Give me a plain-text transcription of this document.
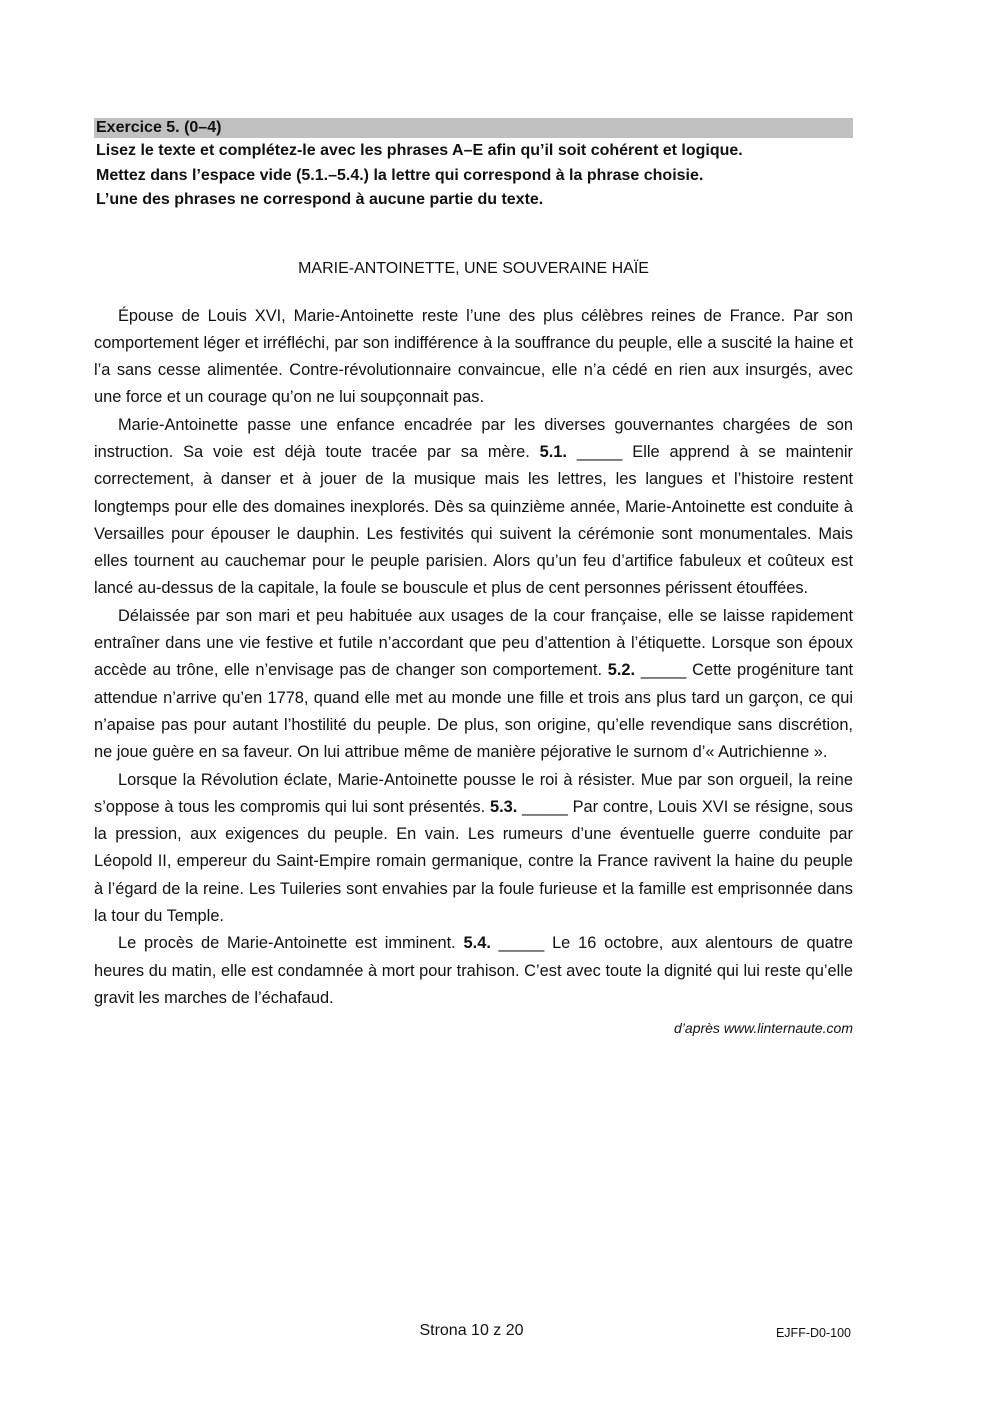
Exercice 5. (0–4)
Lisez le texte et complétez-le avec les phrases A–E afin qu’il soit cohérent et logique.
Mettez dans l’espace vide (5.1.–5.4.) la lettre qui correspond à la phrase choisie.
L’une des phrases ne correspond à aucune partie du texte.
MARIE-ANTOINETTE, UNE SOUVERAINE HAÏE

Épouse de Louis XVI, Marie-Antoinette reste l’une des plus célèbres reines de France. Par son comportement léger et irréfléchi, par son indifférence à la souffrance du peuple, elle a suscité la haine et l’a sans cesse alimentée. Contre-révolutionnaire convaincue, elle n’a cédé en rien aux insurgés, avec une force et un courage qu’on ne lui soupçonnait pas.

Marie-Antoinette passe une enfance encadrée par les diverses gouvernantes chargées de son instruction. Sa voie est déjà toute tracée par sa mère. 5.1. _____ Elle apprend à se maintenir correctement, à danser et à jouer de la musique mais les lettres, les langues et l’histoire restent longtemps pour elle des domaines inexplorés. Dès sa quinzième année, Marie-Antoinette est conduite à Versailles pour épouser le dauphin. Les festivités qui suivent la cérémonie sont monumentales. Mais elles tournent au cauchemar pour le peuple parisien. Alors qu’un feu d’artifice fabuleux et coûteux est lancé au-dessus de la capitale, la foule se bouscule et plus de cent personnes périssent étouffées.

Délaissée par son mari et peu habituée aux usages de la cour française, elle se laisse rapidement entraîner dans une vie festive et futile n’accordant que peu d’attention à l’étiquette. Lorsque son époux accède au trône, elle n’envisage pas de changer son comportement. 5.2. _____ Cette progéniture tant attendue n’arrive qu’en 1778, quand elle met au monde une fille et trois ans plus tard un garçon, ce qui n’apaise pas pour autant l’hostilité du peuple. De plus, son origine, qu’elle revendique sans discrétion, ne joue guère en sa faveur. On lui attribue même de manière péjorative le surnom d’« Autrichienne ».

Lorsque la Révolution éclate, Marie-Antoinette pousse le roi à résister. Mue par son orgueil, la reine s’oppose à tous les compromis qui lui sont présentés. 5.3. _____ Par contre, Louis XVI se résigne, sous la pression, aux exigences du peuple. En vain. Les rumeurs d’une éventuelle guerre conduite par Léopold II, empereur du Saint-Empire romain germanique, contre la France ravivent la haine du peuple à l’égard de la reine. Les Tuileries sont envahies par la foule furieuse et la famille est emprisonnée dans la tour du Temple.

Le procès de Marie-Antoinette est imminent. 5.4. _____ Le 16 octobre, aux alentours de quatre heures du matin, elle est condamnée à mort pour trahison. C’est avec toute la dignité qui lui reste qu’elle gravit les marches de l’échafaud.

d’après www.linternaute.com
Strona 10 z 20	EJFF-D0-100
